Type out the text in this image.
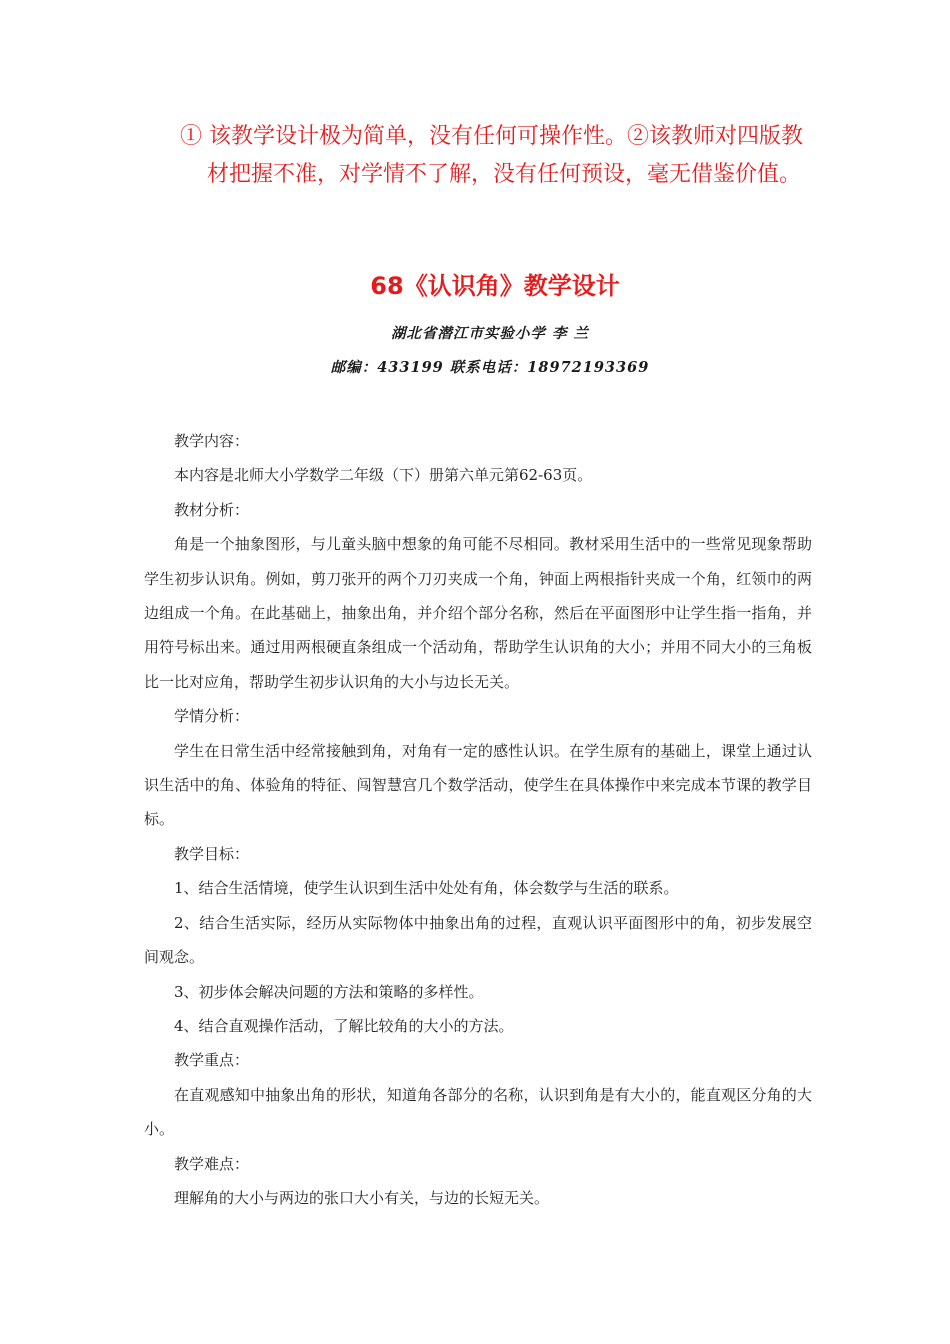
① 该教学设计极为简单，没有任何可操作性。②该教师对四版教
材把握不准，对学情不了解，没有任何预设，毫无借鉴价值。
68《认识角》教学设计
湖北省潜江市实验小学 李 兰
邮编：433199 联系电话：18972193369

教学内容：

本内容是北师大小学数学二年级（下）册第六单元第62-63页。

教材分析：

角是一个抽象图形，与儿童头脑中想象的角可能不尽相同。教材采用生活中的一些常见现象帮助学生初步认识角。例如，剪刀张开的两个刀刃夹成一个角，钟面上两根指针夹成一个角，红领巾的两边组成一个角。在此基础上，抽象出角，并介绍个部分名称，然后在平面图形中让学生指一指角，并用符号标出来。通过用两根硬直条组成一个活动角，帮助学生认识角的大小；并用不同大小的三角板比一比对应角，帮助学生初步认识角的大小与边长无关。

学情分析：

学生在日常生活中经常接触到角，对角有一定的感性认识。在学生原有的基础上，课堂上通过认识生活中的角、体验角的特征、闯智慧宫几个数学活动，使学生在具体操作中来完成本节课的教学目标。

教学目标：

1、结合生活情境，使学生认识到生活中处处有角，体会数学与生活的联系。

2、结合生活实际，经历从实际物体中抽象出角的过程，直观认识平面图形中的角，初步发展空间观念。

3、初步体会解决问题的方法和策略的多样性。

4、结合直观操作活动，了解比较角的大小的方法。

教学重点：

在直观感知中抽象出角的形状，知道角各部分的名称，认识到角是有大小的，能直观区分角的大小。

教学难点：

理解角的大小与两边的张口大小有关，与边的长短无关。
